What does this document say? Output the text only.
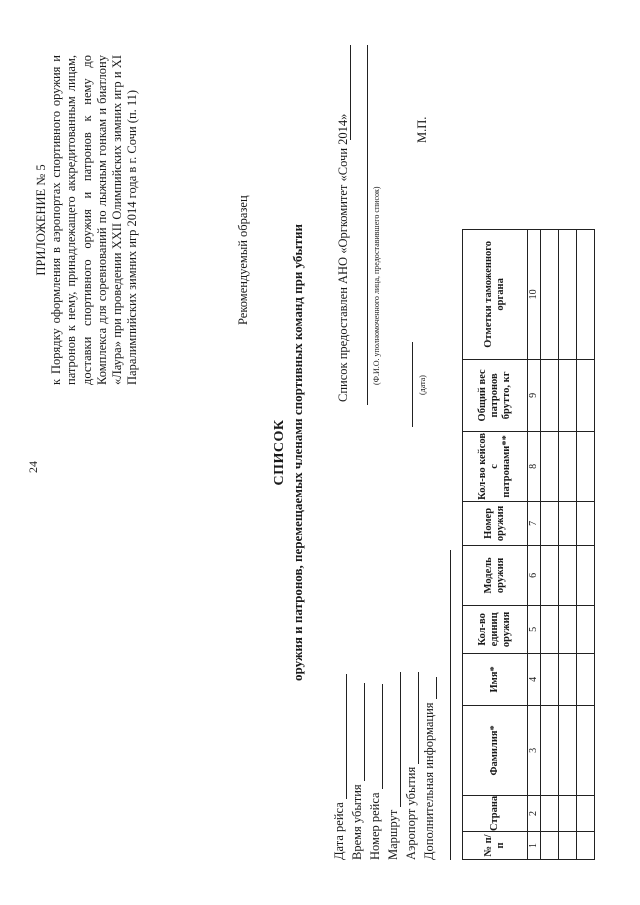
24
ПРИЛОЖЕНИЕ № 5 к Порядку оформления в аэропортах спортивного оружия и патронов к нему, принадлежащего аккредитованным лицам, доставки спортивного оружия и патронов к нему до Комплекса для соревнований по лыжным гонкам и биатлону «Лаура» при проведении XXII Олимпийских зимних игр и XI Паралимпийских зимних игр 2014 года в г. Сочи (п. 11)	Рекомендуемый образец
СПИСОК оружия и патронов, перемещаемых членами спортивных команд при убытии
Дата рейса Время убытия Номер рейса Маршрут Аэропорт убытия Дополнительная информация
Список предоставлен АНО «Оргкомитет «Сочи 2014»	(Ф.И.О. уполномоченного лица, предоставившего список)
(дата)
М.П.
№ п/п	Страна	Фамилия*	Имя*	Кол-во единиц оружия	Модель оружия	Номер оружия	Кол-во кейсов с патронами**	Общий вес патронов брутто, кг	Отметки таможенного органа
1	2	3	4	5	6	7	8	9	10
